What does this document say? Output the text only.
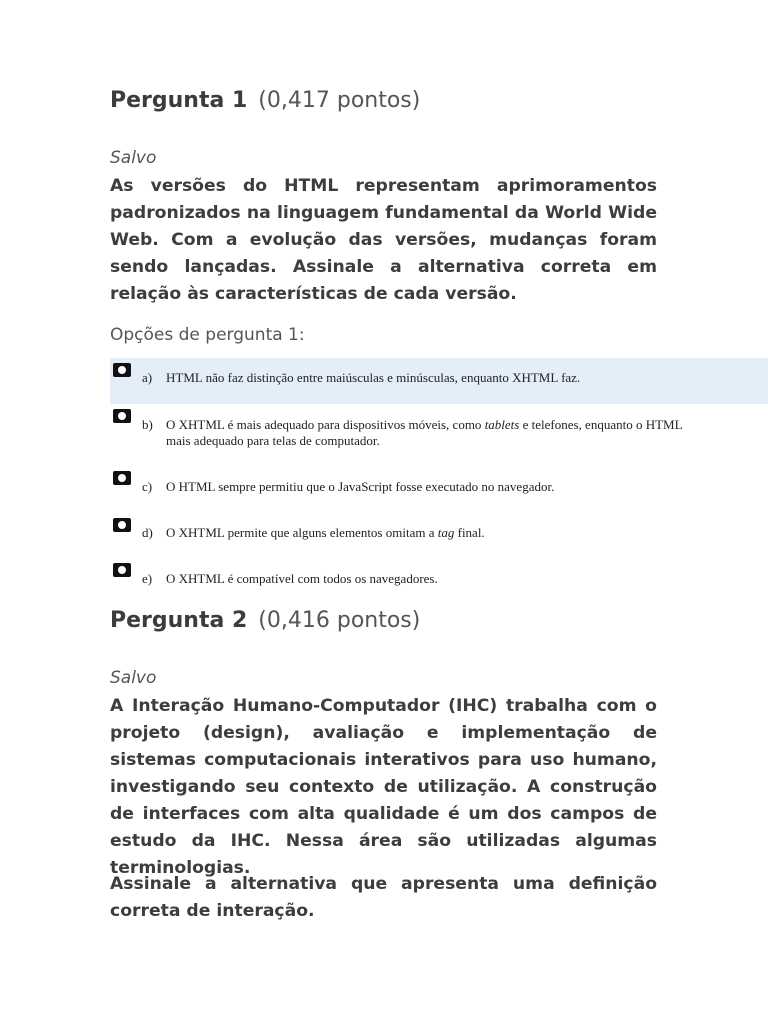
Pergunta 1 (0,417 pontos)
Salvo

As versões do HTML representam aprimoramentos padronizados na linguagem fundamental da World Wide Web. Com a evolução das versões, mudanças foram sendo lançadas. Assinale a alternativa correta em relação às características de cada versão.

Opções de pergunta 1:
a) HTML não faz distinção entre maiúsculas e minúsculas, enquanto XHTML faz.
b) O XHTML é mais adequado para dispositivos móveis, como tablets e telefones, enquanto o HTML
mais adequado para telas de computador.
c) O HTML sempre permitiu que o JavaScript fosse executado no navegador.
d) O XHTML permite que alguns elementos omitam a tag final.
e) O XHTML é compatível com todos os navegadores.
Pergunta 2 (0,416 pontos)
Salvo

A Interação Humano-Computador (IHC) trabalha com o projeto (design), avaliação e implementação de sistemas computacionais interativos para uso humano, investigando seu contexto de utilização. A construção de interfaces com alta qualidade é um dos campos de estudo da IHC. Nessa área são utilizadas algumas terminologias.

Assinale a alternativa que apresenta uma definição correta de interação.
